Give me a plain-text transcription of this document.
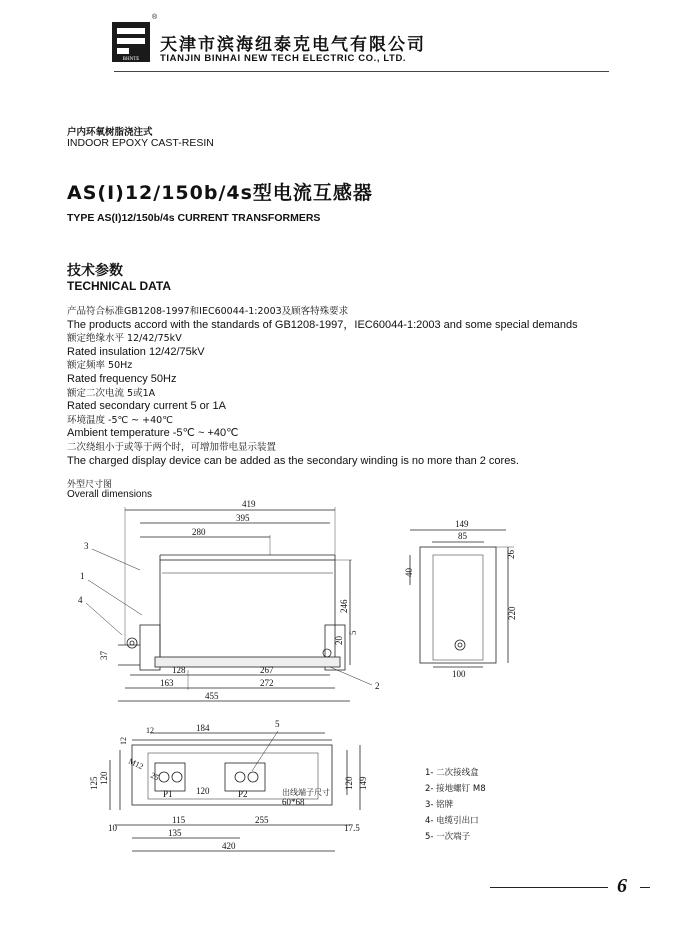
BHNTE
®
天津市滨海纽泰克电气有限公司
TIANJIN BINHAI NEW TECH ELECTRIC CO., LTD.
户内环氧树脂浇注式
INDOOR EPOXY CAST-RESIN
AS(I)12/150b/4s型电流互感器
TYPE AS(I)12/150b/4s CURRENT TRANSFORMERS
技术参数
TECHNICAL DATA
产品符合标准GB1208-1997和IEC60044-1:2003及顾客特殊要求
The products accord with the standards of GB1208-1997，IEC60044-1:2003 and some special demands
额定绝缘水平 12/42/75kV
Rated insulation 12/42/75kV
额定频率 50Hz
Rated frequency 50Hz
额定二次电流 5或1A
Rated secondary current 5 or 1A
环境温度 -5℃ ~ +40℃
Ambient temperature -5℃ ~ +40℃
二次绕组小于或等于两个时，可增加带电显示装置
The charged display device can be added as the secondary winding is no more than 2 cores.
外型尺寸图
Overall dimensions
419
395
280
246
20
5
37
128	267
163	272
455
3
1
4
2
149
85
26
40
220
100
12
12	184	5
125 120
M12
25
P1	P2
120	出线端子尺寸
60*68
120 149
10
115	255
17.5
135
420
1- 二次接线盒
2- 接地螺钉 M8
3- 铭牌
4- 电缆引出口
5- 一次端子
6
